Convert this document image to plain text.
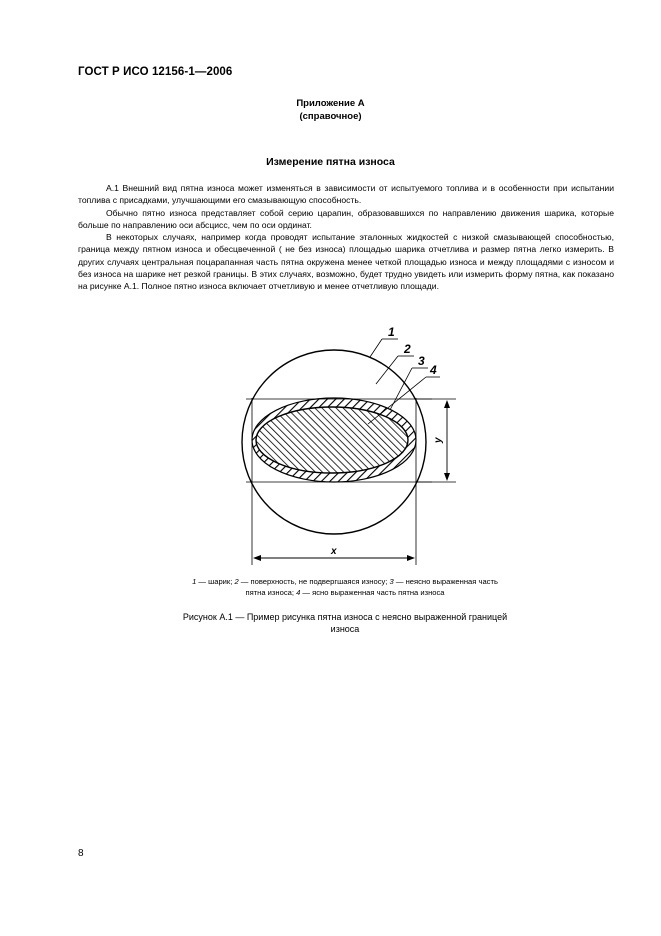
ГОСТ Р ИСО 12156-1—2006
Приложение A
(справочное)
Измерение пятна износа

A.1 Внешний вид пятна износа может изменяться в зависимости от испытуемого топлива и в особенности при испытании топлива с присадками, улучшающими его смазывающую способность.

Обычно пятно износа представляет собой серию царапин, образовавшихся по направлению движения шарика, которые больше по направлению оси абсцисс, чем по оси ординат.

В некоторых случаях, например когда проводят испытание эталонных жидкостей с низкой смазывающей способностью, граница между пятном износа и обесцвеченной ( не без износа) площадью шарика отчетлива и размер пятна легко измерить. В других случаях центральная поцарапанная часть пятна окружена менее четкой площадью износа и между площадями с износом и без износа на шарике нет резкой границы. В этих случаях, возможно, будет трудно увидеть или измерить форму пятна, как показано на рисунке A.1. Полное пятно износа включает отчетливую и менее отчетливую площади.

y
x
1
2
3
4
1 — шарик; 2 — поверхность, не подвергшаяся износу; 3 — неясно выраженная часть
пятна износа; 4 — ясно выраженная часть пятна износа
Рисунок A.1 — Пример рисунка пятна износа с неясно выраженной границей
износа
8
